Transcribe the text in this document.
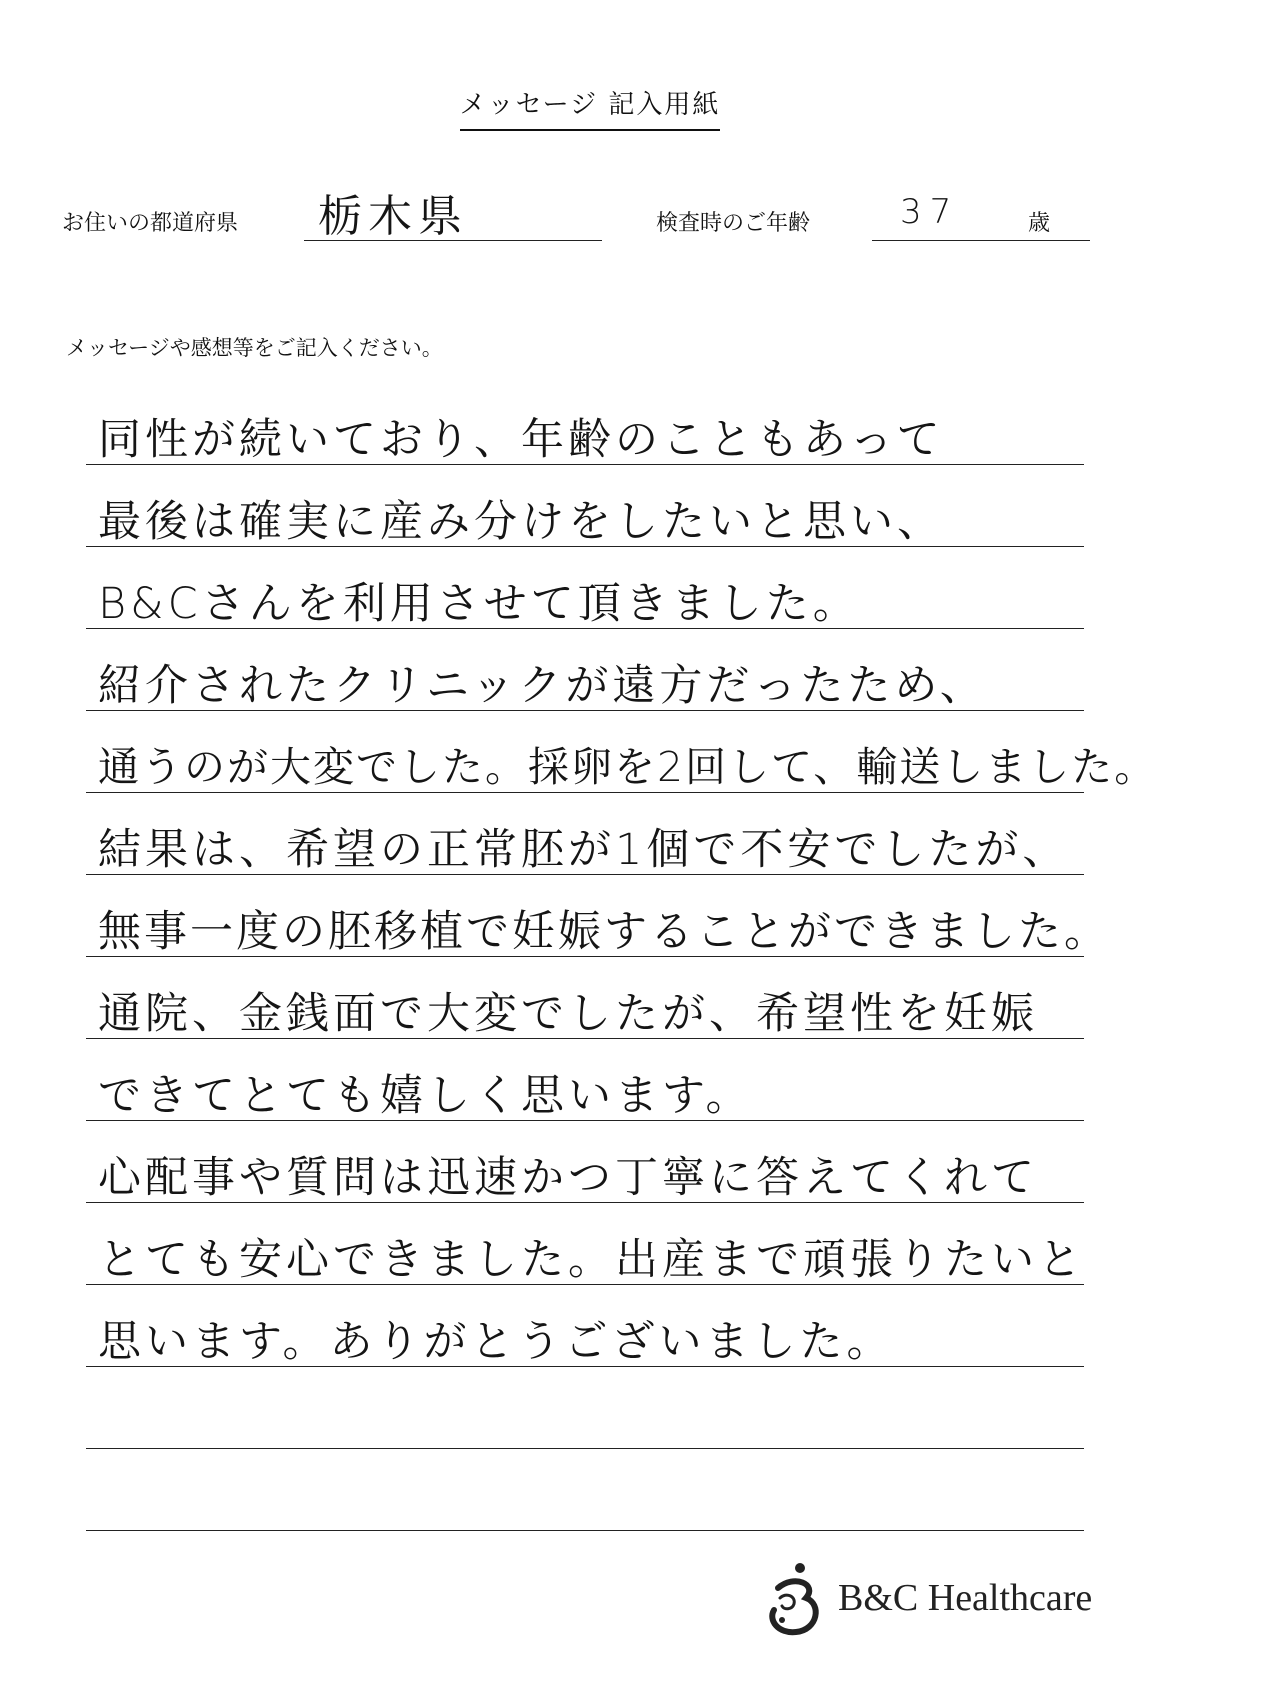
メッセージ 記入用紙
お住いの都道府県 栃木県	検査時のご年齢	37	歳
メッセージや感想等をご記入ください。
同性が続いており、年齢のこともあって
最後は確実に産み分けをしたいと思い、
B&Cさんを利用させて頂きました。
紹介されたクリニックが遠方だったため、
通うのが大変でした。採卵を2回して、輸送しました。
結果は、希望の正常胚が1個で不安でしたが、
無事一度の胚移植で妊娠することができました。
通院、金銭面で大変でしたが、希望性を妊娠
できてとても嬉しく思います。
心配事や質問は迅速かつ丁寧に答えてくれて
とても安心できました。出産まで頑張りたいと
思います。ありがとうございました。
B&C Healthcare
